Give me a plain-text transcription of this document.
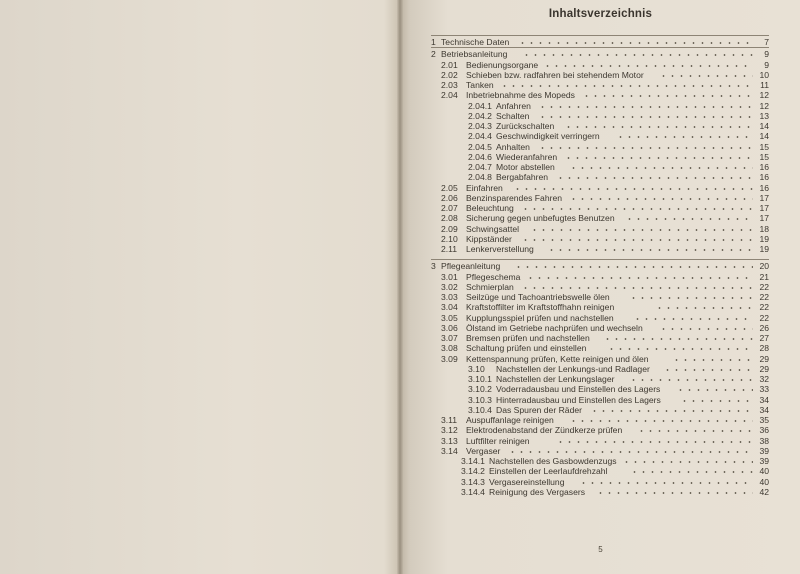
Inhaltsverzeichnis
1 Technische Daten	7
2 Betriebsanleitung	9
2.01 Bedienungsorgane	9
2.02 Schieben bzw. radfahren bei stehendem Motor	10
2.03 Tanken	11
2.04 Inbetriebnahme des Mopeds	12
2.04.1 Anfahren	12
2.04.2 Schalten	13
2.04.3 Zurückschalten	14
2.04.4 Geschwindigkeit verringern	14
2.04.5 Anhalten	15
2.04.6 Wiederanfahren	15
2.04.7 Motor abstellen	16
2.04.8 Bergabfahren	16
2.05 Einfahren	16
2.06 Benzinsparendes Fahren	17
2.07 Beleuchtung	17
2.08 Sicherung gegen unbefugtes Benutzen	17
2.09 Schwingsattel	18
2.10 Kippständer	19
2.11 Lenkerverstellung	19
3 Pflegeanleitung	20
3.01 Pflegeschema	21
3.02 Schmierplan	22
3.03 Seilzüge und Tachoantriebswelle ölen	22
3.04 Kraftstoffilter im Kraftstoffhahn reinigen	22
3.05 Kupplungsspiel prüfen und nachstellen	22
3.06 Ölstand im Getriebe nachprüfen und wechseln	26
3.07 Bremsen prüfen und nachstellen	27
3.08 Schaltung prüfen und einstellen	28
3.09 Kettenspannung prüfen, Kette reinigen und ölen	29
3.10 Nachstellen der Lenkungs-und Radlager	29
3.10.1 Nachstellen der Lenkungslager	32
3.10.2 Voderradausbau und Einstellen des Lagers	33
3.10.3 Hinterradausbau und Einstellen des Lagers	34
3.10.4 Das Spuren der Räder	34
3.11 Auspuffanlage reinigen	35
3.12 Elektrodenabstand der Zündkerze prüfen	36
3.13 Luftfilter reinigen	38
3.14 Vergaser	39
3.14.1 Nachstellen des Gasbowdenzugs	39
3.14.2 Einstellen der Leerlaufdrehzahl	40
3.14.3 Vergasereinstellung	40
3.14.4 Reinigung des Vergasers	42
5
